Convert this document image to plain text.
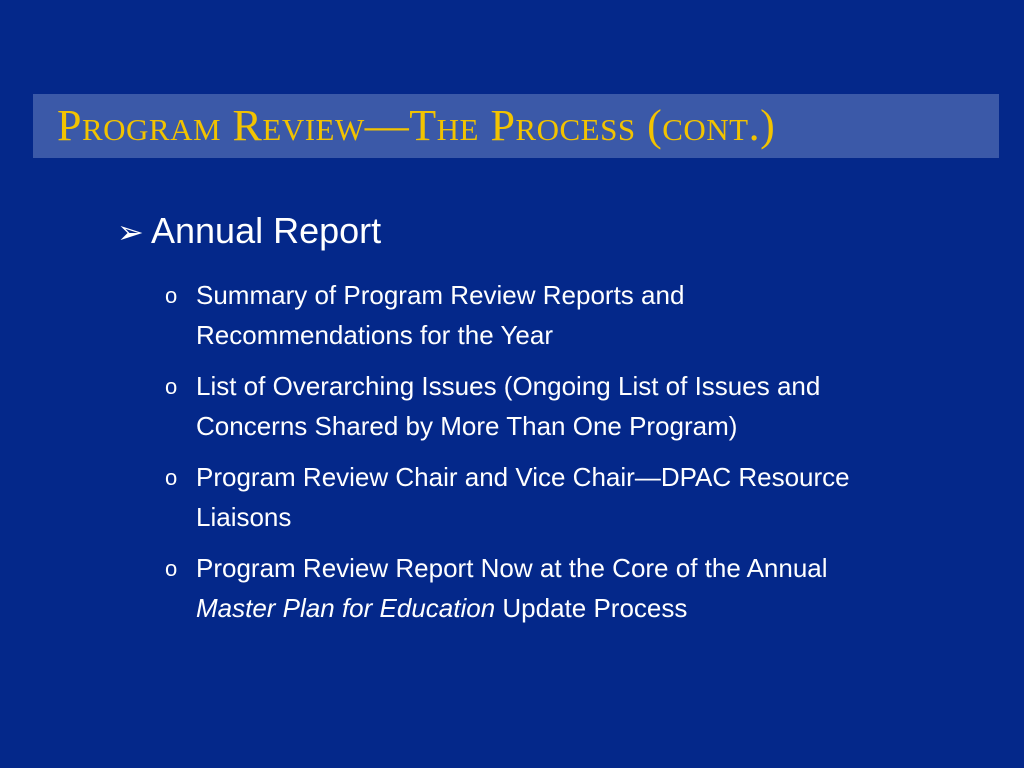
Program Review—The Process (cont.)
➢ Annual Report
o Summary of Program Review Reports and Recommendations for the Year
o List of Overarching Issues (Ongoing List of Issues and Concerns Shared by More Than One Program)
o Program Review Chair and Vice Chair—DPAC Resource Liaisons
o Program Review Report Now at the Core of the Annual Master Plan for Education Update Process
